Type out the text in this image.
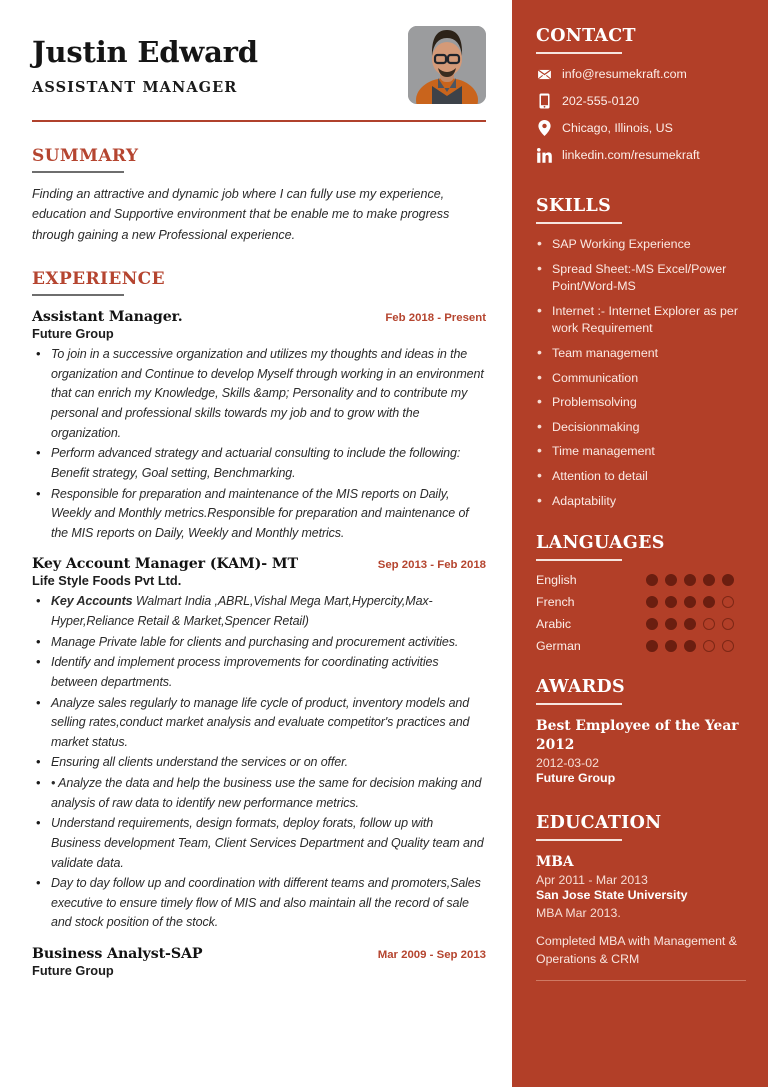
Justin Edward
ASSISTANT MANAGER
SUMMARY
Finding an attractive and dynamic job where I can fully use my experience, education and Supportive environment that be enable me to make progress through gaining a new Professional experience.
EXPERIENCE
Assistant Manager.	Feb 2018 - Present
Future Group
• To join in a successive organization and utilizes my thoughts and ideas in the organization and Continue to develop Myself through working in an environment that can enrich my Knowledge, Skills &amp; Personality and to contribute my personal and professional skills towards my job and to grow with the organization.
• Perform advanced strategy and actuarial consulting to include the following: Benefit strategy, Goal setting, Benchmarking.
• Responsible for preparation and maintenance of the MIS reports on Daily, Weekly and Monthly metrics.Responsible for preparation and maintenance of the MIS reports on Daily, Weekly and Monthly metrics.
Key Account Manager (KAM)- MT	Sep 2013 - Feb 2018
Life Style Foods Pvt Ltd.
• Key Accounts Walmart India ,ABRL,Vishal Mega Mart,Hypercity,Max-Hyper,Reliance Retail & Market,Spencer Retail)
• Manage Private lable for clients and purchasing and procurement activities.
• Identify and implement process improvements for coordinating activities between departments.
• Analyze sales regularly to manage life cycle of product, inventory models and selling rates,conduct market analysis and evaluate competitor's practices and market status.
• Ensuring all clients understand the services or on offer.
• • Analyze the data and help the business use the same for decision making and analysis of raw data to identify new performance metrics.
• Understand requirements, design formats, deploy forats, follow up with Business development Team, Client Services Department and Quality team and validate data.
• Day to day follow up and coordination with different teams and promoters,Sales executive to ensure timely flow of MIS and also maintain all the record of sale and stock position of the stock.
Business Analyst-SAP	Mar 2009 - Sep 2013
Future Group
CONTACT
info@resumekraft.com
202-555-0120
Chicago, Illinois, US
linkedin.com/resumekraft
SKILLS
• SAP Working Experience
• Spread Sheet:-MS Excel/Power Point/Word-MS
• Internet :- Internet Explorer as per work Requirement
• Team management
• Communication
• Problemsolving
• Decisionmaking
• Time management
• Attention to detail
• Adaptability
LANGUAGES
English
French
Arabic
German
AWARDS
Best Employee of the Year 2012
2012-03-02
Future Group
EDUCATION
MBA
Apr 2011 - Mar 2013
San Jose State University
MBA Mar 2013.
Completed MBA with Management & Operations & CRM
